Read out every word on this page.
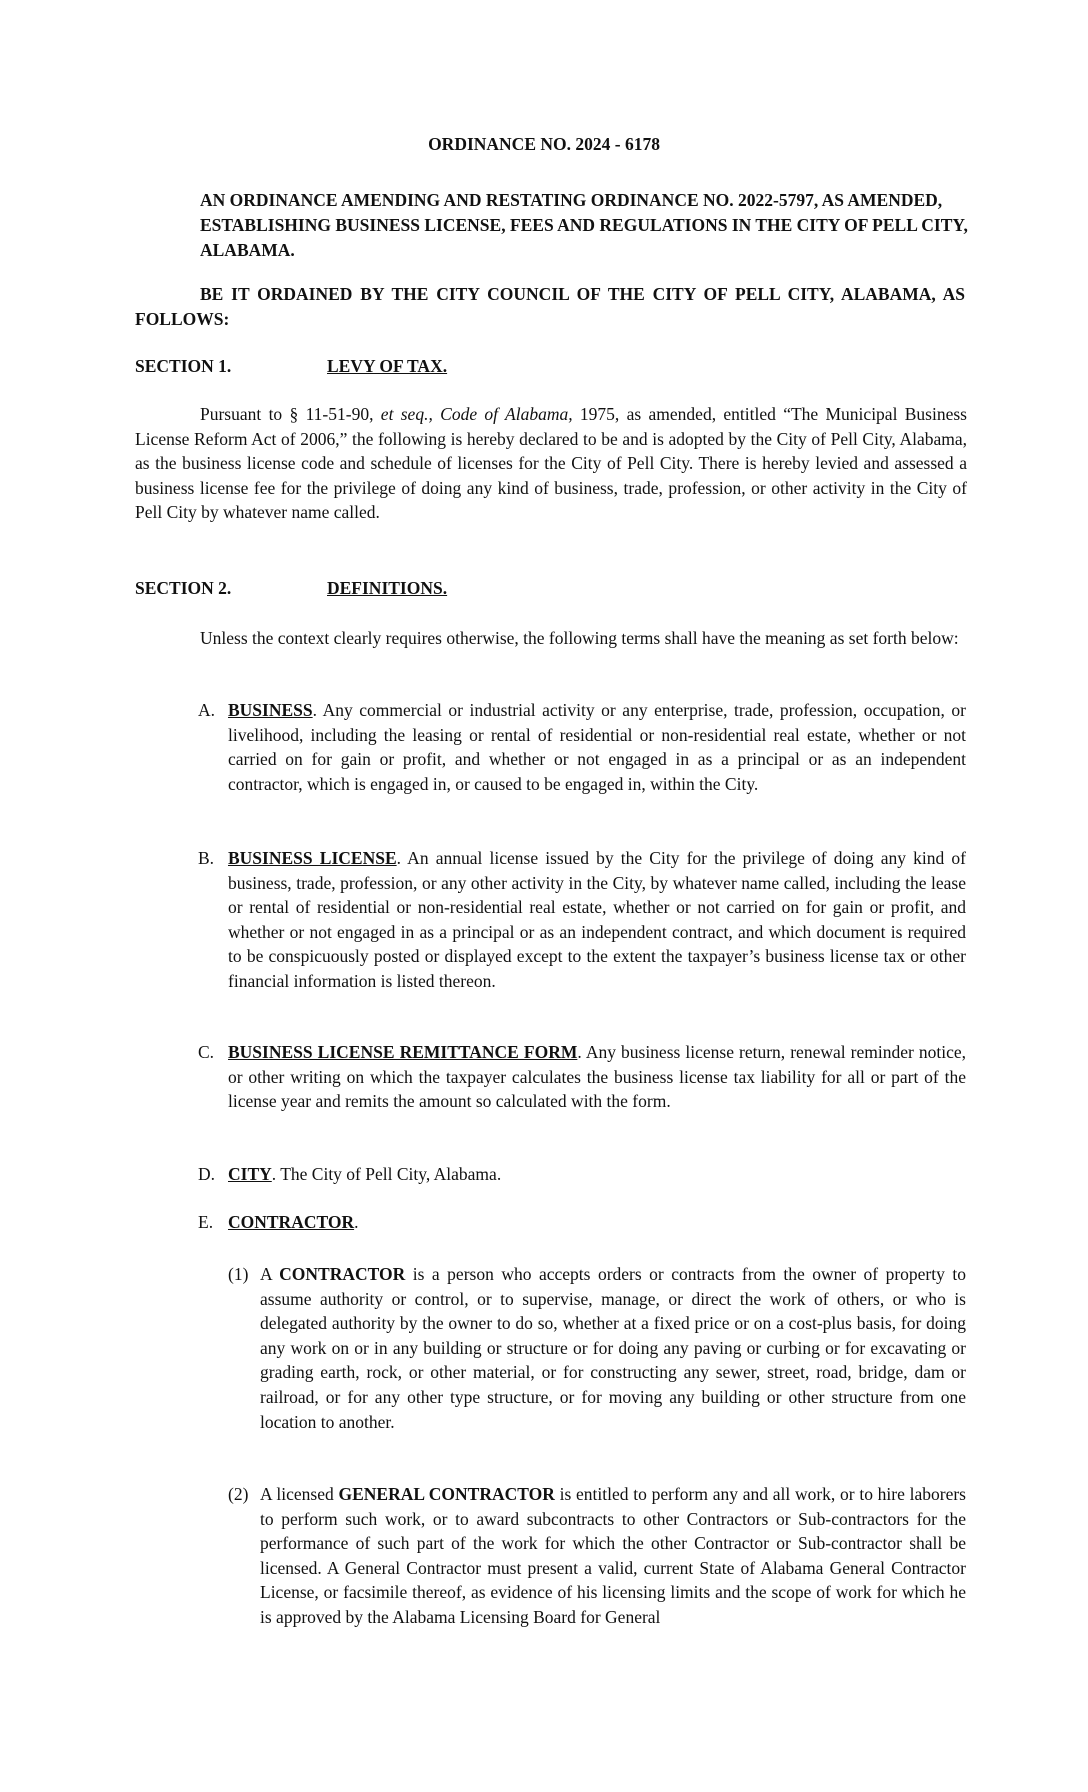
ORDINANCE NO. 2024 - 6178
AN ORDINANCE AMENDING AND RESTATING ORDINANCE NO. 2022-5797, AS AMENDED, ESTABLISHING BUSINESS LICENSE, FEES AND REGULATIONS IN THE CITY OF PELL CITY, ALABAMA.
BE IT ORDAINED BY THE CITY COUNCIL OF THE CITY OF PELL CITY, ALABAMA, AS FOLLOWS:
SECTION 1.	LEVY OF TAX.
Pursuant to § 11-51-90, et seq., Code of Alabama, 1975, as amended, entitled “The Municipal Business License Reform Act of 2006,” the following is hereby declared to be and is adopted by the City of Pell City, Alabama, as the business license code and schedule of licenses for the City of Pell City. There is hereby levied and assessed a business license fee for the privilege of doing any kind of business, trade, profession, or other activity in the City of Pell City by whatever name called.
SECTION 2.	DEFINITIONS.
Unless the context clearly requires otherwise, the following terms shall have the meaning as set forth below:
A. BUSINESS. Any commercial or industrial activity or any enterprise, trade, profession, occupation, or livelihood, including the leasing or rental of residential or non-residential real estate, whether or not carried on for gain or profit, and whether or not engaged in as a principal or as an independent contractor, which is engaged in, or caused to be engaged in, within the City.
B. BUSINESS LICENSE. An annual license issued by the City for the privilege of doing any kind of business, trade, profession, or any other activity in the City, by whatever name called, including the lease or rental of residential or non-residential real estate, whether or not carried on for gain or profit, and whether or not engaged in as a principal or as an independent contract, and which document is required to be conspicuously posted or displayed except to the extent the taxpayer’s business license tax or other financial information is listed thereon.
C. BUSINESS LICENSE REMITTANCE FORM. Any business license return, renewal reminder notice, or other writing on which the taxpayer calculates the business license tax liability for all or part of the license year and remits the amount so calculated with the form.
D. CITY. The City of Pell City, Alabama.
E. CONTRACTOR.
(1) A CONTRACTOR is a person who accepts orders or contracts from the owner of property to assume authority or control, or to supervise, manage, or direct the work of others, or who is delegated authority by the owner to do so, whether at a fixed price or on a cost-plus basis, for doing any work on or in any building or structure or for doing any paving or curbing or for excavating or grading earth, rock, or other material, or for constructing any sewer, street, road, bridge, dam or railroad, or for any other type structure, or for moving any building or other structure from one location to another.
(2) A licensed GENERAL CONTRACTOR is entitled to perform any and all work, or to hire laborers to perform such work, or to award subcontracts to other Contractors or Sub-contractors for the performance of such part of the work for which the other Contractor or Sub-contractor shall be licensed. A General Contractor must present a valid, current State of Alabama General Contractor License, or facsimile thereof, as evidence of his licensing limits and the scope of work for which he is approved by the Alabama Licensing Board for General
